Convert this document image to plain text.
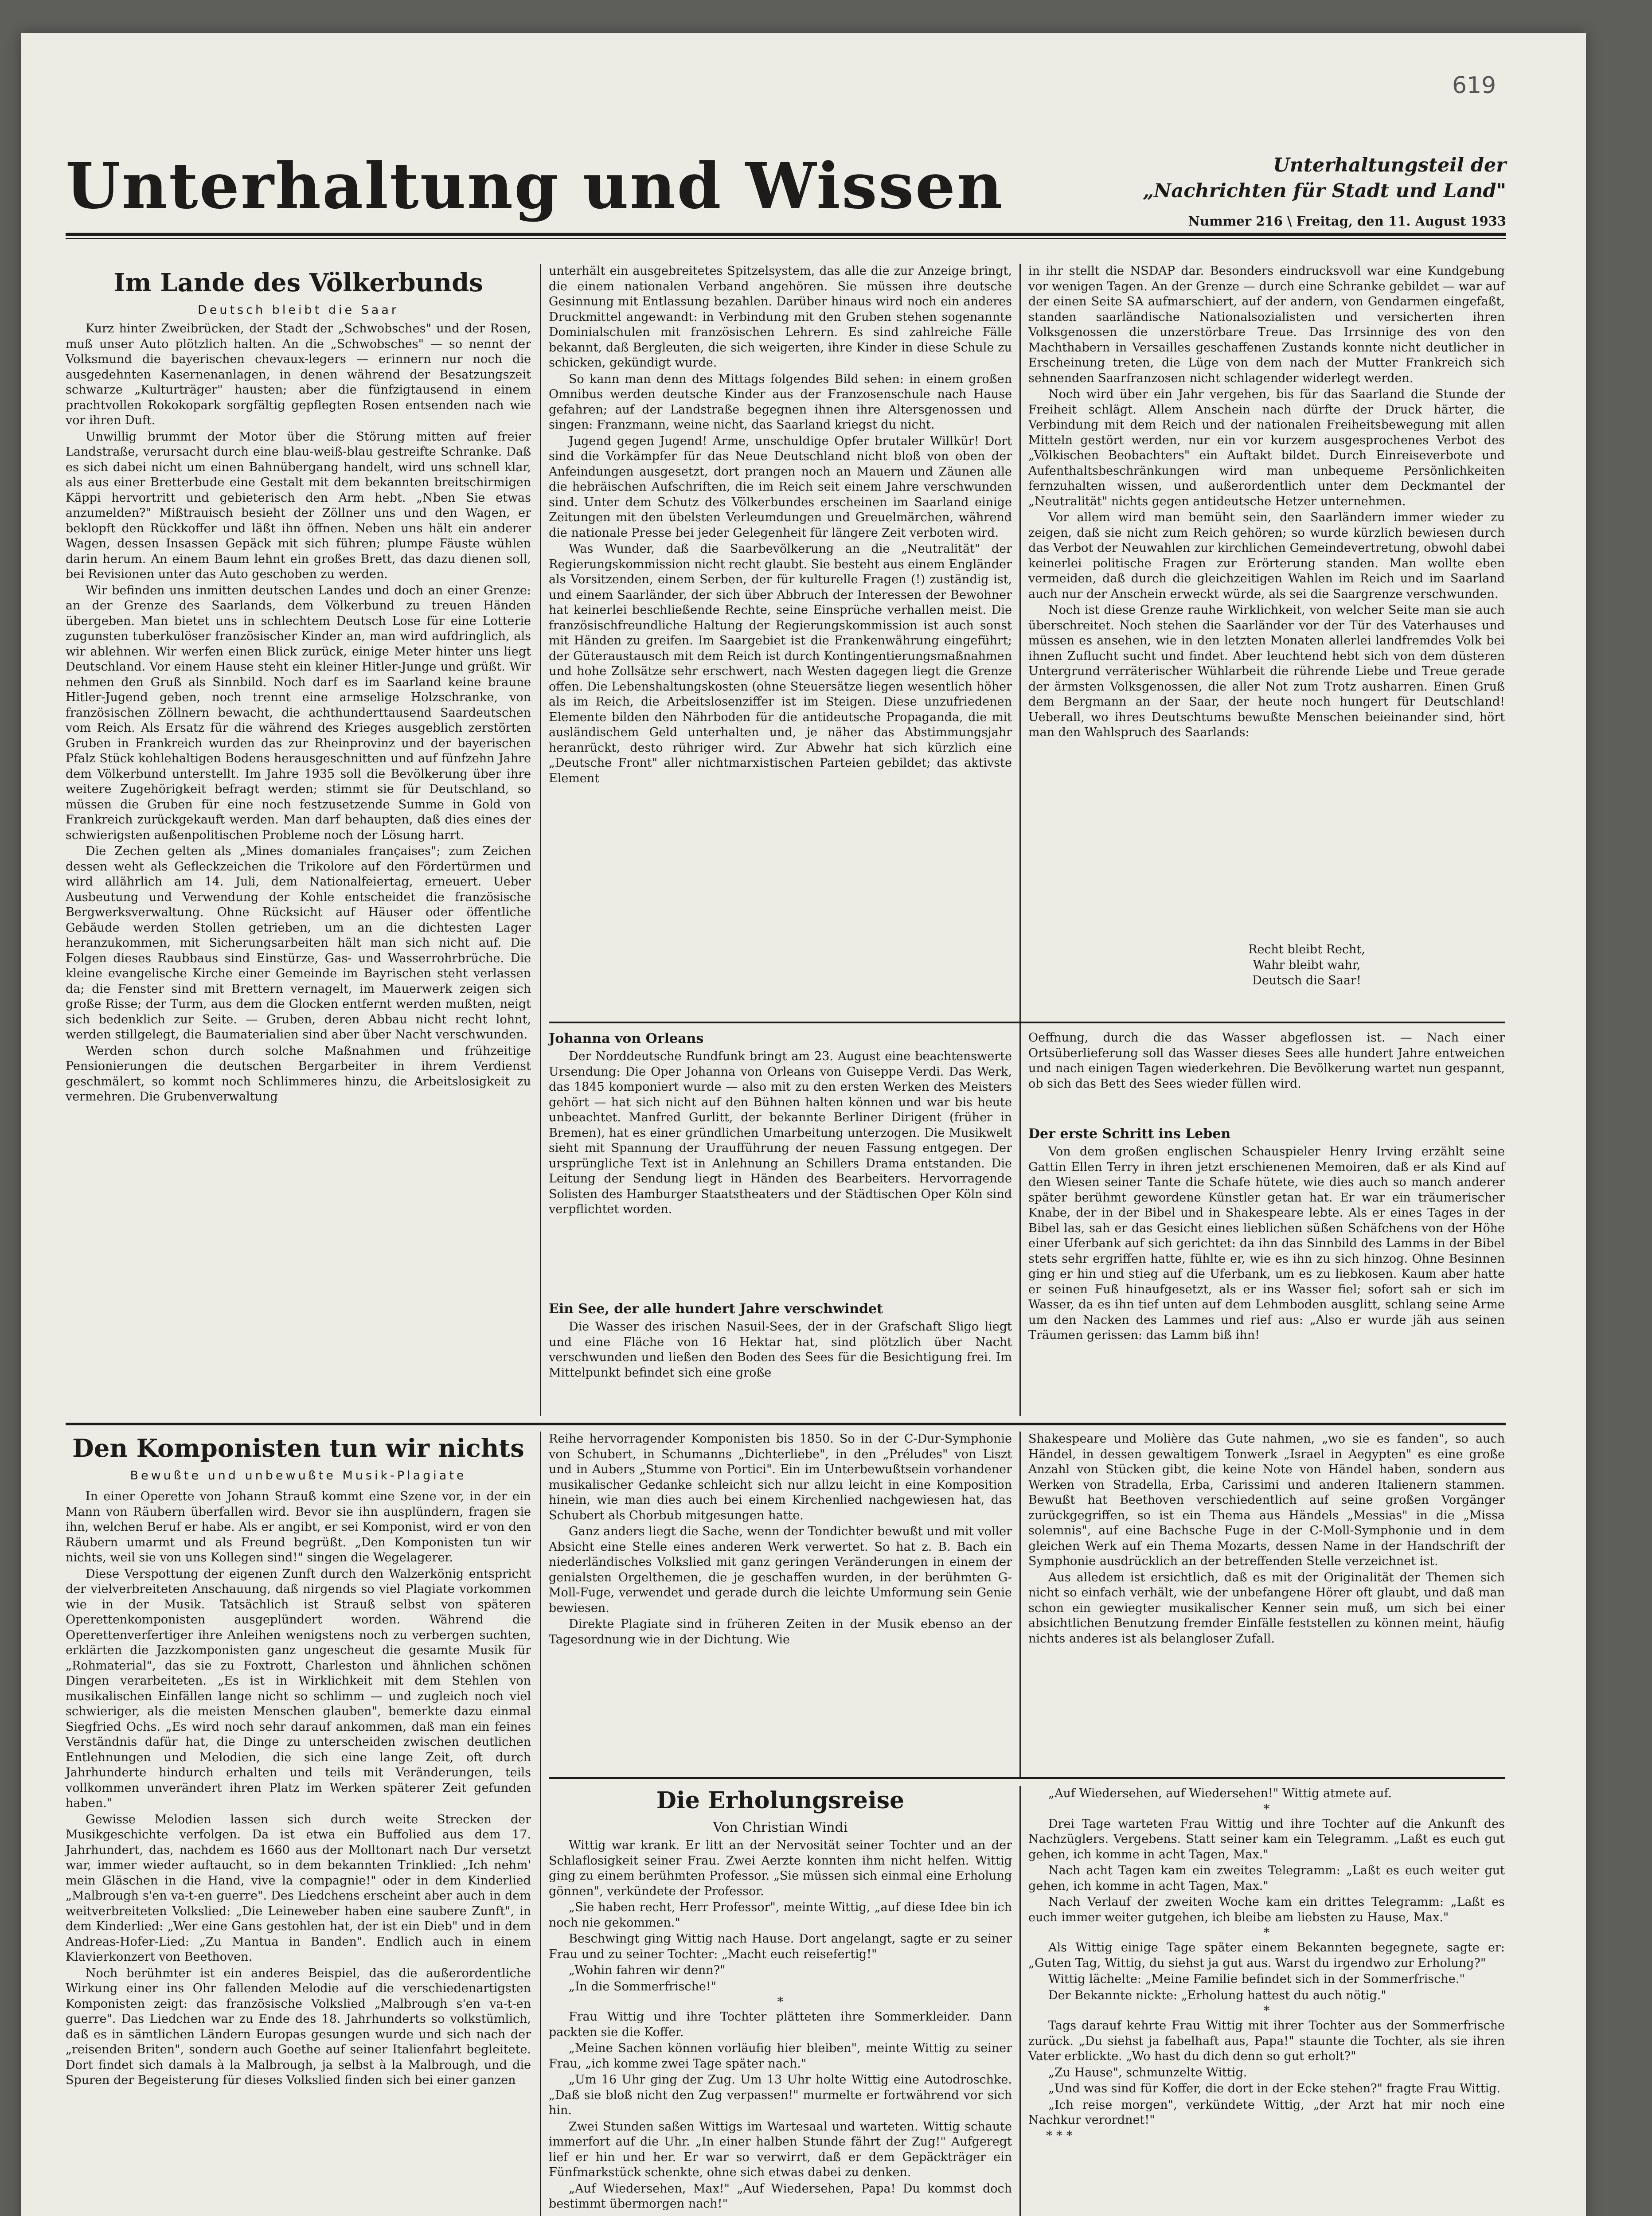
619
Unterhaltung und Wissen	Unterhaltungsteil der
„Nachrichten für Stadt und Land"
Nummer 216 \ Freitag, den 11. August 1933
Im Lande des Völkerbunds
Deutsch bleibt die Saar

Kurz hinter Zweibrücken, der Stadt der „Schwobsches" und der Rosen, muß unser Auto plötzlich halten. An die „Schwobsches" — so nennt der Volksmund die bayerischen chevaux-legers — erinnern nur noch die ausgedehnten Kasernenanlagen, in denen während der Besatzungszeit schwarze „Kulturträger" hausten; aber die fünfzigtausend in einem prachtvollen Rokokopark sorgfältig gepflegten Rosen entsenden nach wie vor ihren Duft.

Unwillig brummt der Motor über die Störung mitten auf freier Landstraße, verursacht durch eine blau-weiß-blau gestreifte Schranke. Daß es sich dabei nicht um einen Bahnübergang handelt, wird uns schnell klar, als aus einer Bretterbude eine Gestalt mit dem bekannten breitschirmigen Käppi hervortritt und gebieterisch den Arm hebt. „Nben Sie etwas anzumelden?" Mißtrauisch besieht der Zöllner uns und den Wagen, er beklopft den Rückkoffer und läßt ihn öffnen. Neben uns hält ein anderer Wagen, dessen Insassen Gepäck mit sich führen; plumpe Fäuste wühlen darin herum. An einem Baum lehnt ein großes Brett, das dazu dienen soll, bei Revisionen unter das Auto geschoben zu werden.

Wir befinden uns inmitten deutschen Landes und doch an einer Grenze: an der Grenze des Saarlands, dem Völkerbund zu treuen Händen übergeben. Man bietet uns in schlechtem Deutsch Lose für eine Lotterie zugunsten tuberkulöser französischer Kinder an, man wird aufdringlich, als wir ablehnen. Wir werfen einen Blick zurück, einige Meter hinter uns liegt Deutschland. Vor einem Hause steht ein kleiner Hitler-Junge und grüßt. Wir nehmen den Gruß als Sinnbild. Noch darf es im Saarland keine braune Hitler-Jugend geben, noch trennt eine armselige Holzschranke, von französischen Zöllnern bewacht, die achthunderttausend Saardeutschen vom Reich. Als Ersatz für die während des Krieges ausgeblich zerstörten Gruben in Frankreich wurden das zur Rheinprovinz und der bayerischen Pfalz Stück kohlehaltigen Bodens herausgeschnitten und auf fünfzehn Jahre dem Völkerbund unterstellt. Im Jahre 1935 soll die Bevölkerung über ihre weitere Zugehörigkeit befragt werden; stimmt sie für Deutschland, so müssen die Gruben für eine noch festzusetzende Summe in Gold von Frankreich zurückgekauft werden. Man darf behaupten, daß dies eines der schwierigsten außenpolitischen Probleme noch der Lösung harrt.

Die Zechen gelten als „Mines domaniales françaises"; zum Zeichen dessen weht als Gefleckzeichen die Trikolore auf den Fördertürmen und wird allährlich am 14. Juli, dem Nationalfeiertag, erneuert. Ueber Ausbeutung und Verwendung der Kohle entscheidet die französische Bergwerksverwaltung. Ohne Rücksicht auf Häuser oder öffentliche Gebäude werden Stollen getrieben, um an die dichtesten Lager heranzukommen, mit Sicherungsarbeiten hält man sich nicht auf. Die Folgen dieses Raubbaus sind Einstürze, Gas- und Wasserrohrbrüche. Die kleine evangelische Kirche einer Gemeinde im Bayrischen steht verlassen da; die Fenster sind mit Brettern vernagelt, im Mauerwerk zeigen sich große Risse; der Turm, aus dem die Glocken entfernt werden mußten, neigt sich bedenklich zur Seite. — Gruben, deren Abbau nicht recht lohnt, werden stillgelegt, die Baumaterialien sind aber über Nacht verschwunden.

Werden schon durch solche Maßnahmen und frühzeitige Pensionierungen die deutschen Bergarbeiter in ihrem Verdienst geschmälert, so kommt noch Schlimmeres hinzu, die Arbeitslosigkeit zu vermehren. Die Grubenverwaltung

unterhält ein ausgebreitetes Spitzelsystem, das alle die zur Anzeige bringt, die einem nationalen Verband angehören. Sie müssen ihre deutsche Gesinnung mit Entlassung bezahlen. Darüber hinaus wird noch ein anderes Druckmittel angewandt: in Verbindung mit den Gruben stehen sogenannte Dominialschulen mit französischen Lehrern. Es sind zahlreiche Fälle bekannt, daß Bergleuten, die sich weigerten, ihre Kinder in diese Schule zu schicken, gekündigt wurde.

So kann man denn des Mittags folgendes Bild sehen: in einem großen Omnibus werden deutsche Kinder aus der Franzosenschule nach Hause gefahren; auf der Landstraße begegnen ihnen ihre Altersgenossen und singen: Franzmann, weine nicht, das Saarland kriegst du nicht.

Jugend gegen Jugend! Arme, unschuldige Opfer brutaler Willkür! Dort sind die Vorkämpfer für das Neue Deutschland nicht bloß von oben der Anfeindungen ausgesetzt, dort prangen noch an Mauern und Zäunen alle die hebräischen Aufschriften, die im Reich seit einem Jahre verschwunden sind. Unter dem Schutz des Völkerbundes erscheinen im Saarland einige Zeitungen mit den übelsten Verleumdungen und Greuelmärchen, während die nationale Presse bei jeder Gelegenheit für längere Zeit verboten wird.

Was Wunder, daß die Saarbevölkerung an die „Neutralität" der Regierungskommission nicht recht glaubt. Sie besteht aus einem Engländer als Vorsitzenden, einem Serben, der für kulturelle Fragen (!) zuständig ist, und einem Saarländer, der sich über Abbruch der Interessen der Bewohner hat keinerlei beschließende Rechte, seine Einsprüche verhallen meist. Die französischfreundliche Haltung der Regierungskommission ist auch sonst mit Händen zu greifen. Im Saargebiet ist die Frankenwährung eingeführt; der Güteraustausch mit dem Reich ist durch Kontingentierungsmaßnahmen und hohe Zollsätze sehr erschwert, nach Westen dagegen liegt die Grenze offen. Die Lebenshaltungskosten (ohne Steuersätze liegen wesentlich höher als im Reich, die Arbeitslosenziffer ist im Steigen. Diese unzufriedenen Elemente bilden den Nährboden für die antideutsche Propaganda, die mit ausländischem Geld unterhalten und, je näher das Abstimmungsjahr heranrückt, desto rühriger wird. Zur Abwehr hat sich kürzlich eine „Deutsche Front" aller nichtmarxistischen Parteien gebildet; das aktivste Element

in ihr stellt die NSDAP dar. Besonders eindrucksvoll war eine Kundgebung vor wenigen Tagen. An der Grenze — durch eine Schranke gebildet — war auf der einen Seite SA aufmarschiert, auf der andern, von Gendarmen eingefaßt, standen saarländische Nationalsozialisten und versicherten ihren Volksgenossen die unzerstörbare Treue. Das Irrsinnige des von den Machthabern in Versailles geschaffenen Zustands konnte nicht deutlicher in Erscheinung treten, die Lüge von dem nach der Mutter Frankreich sich sehnenden Saarfranzosen nicht schlagender widerlegt werden.

Noch wird über ein Jahr vergehen, bis für das Saarland die Stunde der Freiheit schlägt. Allem Anschein nach dürfte der Druck härter, die Verbindung mit dem Reich und der nationalen Freiheitsbewegung mit allen Mitteln gestört werden, nur ein vor kurzem ausgesprochenes Verbot des „Völkischen Beobachters" ein Auftakt bildet. Durch Einreiseverbote und Aufenthaltsbeschränkungen wird man unbequeme Persönlichkeiten fernzuhalten wissen, und außerordentlich unter dem Deckmantel der „Neutralität" nichts gegen antideutsche Hetzer unternehmen.

Vor allem wird man bemüht sein, den Saarländern immer wieder zu zeigen, daß sie nicht zum Reich gehören; so wurde kürzlich bewiesen durch das Verbot der Neuwahlen zur kirchlichen Gemeindevertretung, obwohl dabei keinerlei politische Fragen zur Erörterung standen. Man wollte eben vermeiden, daß durch die gleichzeitigen Wahlen im Reich und im Saarland auch nur der Anschein erweckt würde, als sei die Saargrenze verschwunden.

Noch ist diese Grenze rauhe Wirklichkeit, von welcher Seite man sie auch überschreitet. Noch stehen die Saarländer vor der Tür des Vaterhauses und müssen es ansehen, wie in den letzten Monaten allerlei landfremdes Volk bei ihnen Zuflucht sucht und findet. Aber leuchtend hebt sich von dem düsteren Untergrund verräterischer Wühlarbeit die rührende Liebe und Treue gerade der ärmsten Volksgenossen, die aller Not zum Trotz ausharren. Einen Gruß dem Bergmann an der Saar, der heute noch hungert für Deutschland! Ueberall, wo ihres Deutschtums bewußte Menschen beieinander sind, hört man den Wahlspruch des Saarlands:

Recht bleibt Recht,
Wahr bleibt wahr,
Deutsch die Saar!
Johanna von Orleans

Der Norddeutsche Rundfunk bringt am 23. August eine beachtenswerte Ursendung: Die Oper Johanna von Orleans von Guiseppe Verdi. Das Werk, das 1845 komponiert wurde — also mit zu den ersten Werken des Meisters gehört — hat sich nicht auf den Bühnen halten können und war bis heute unbeachtet. Manfred Gurlitt, der bekannte Berliner Dirigent (früher in Bremen), hat es einer gründlichen Umarbeitung unterzogen. Die Musikwelt sieht mit Spannung der Uraufführung der neuen Fassung entgegen. Der ursprüngliche Text ist in Anlehnung an Schillers Drama entstanden. Die Leitung der Sendung liegt in Händen des Bearbeiters. Hervorragende Solisten des Hamburger Staatstheaters und der Städtischen Oper Köln sind verpflichtet worden.

Ein See, der alle hundert Jahre verschwindet

Die Wasser des irischen Nasuil-Sees, der in der Grafschaft Sligo liegt und eine Fläche von 16 Hektar hat, sind plötzlich über Nacht verschwunden und ließen den Boden des Sees für die Besichtigung frei. Im Mittelpunkt befindet sich eine große

Oeffnung, durch die das Wasser abgeflossen ist. — Nach einer Ortsüberlieferung soll das Wasser dieses Sees alle hundert Jahre entweichen und nach einigen Tagen wiederkehren. Die Bevölkerung wartet nun gespannt, ob sich das Bett des Sees wieder füllen wird.

Der erste Schritt ins Leben

Von dem großen englischen Schauspieler Henry Irving erzählt seine Gattin Ellen Terry in ihren jetzt erschienenen Memoiren, daß er als Kind auf den Wiesen seiner Tante die Schafe hütete, wie dies auch so manch anderer später berühmt gewordene Künstler getan hat. Er war ein träumerischer Knabe, der in der Bibel und in Shakespeare lebte. Als er eines Tages in der Bibel las, sah er das Gesicht eines lieblichen süßen Schäfchens von der Höhe einer Uferbank auf sich gerichtet: da ihn das Sinnbild des Lamms in der Bibel stets sehr ergriffen hatte, fühlte er, wie es ihn zu sich hinzog. Ohne Besinnen ging er hin und stieg auf die Uferbank, um es zu liebkosen. Kaum aber hatte er seinen Fuß hinaufgesetzt, als er ins Wasser fiel; sofort sah er sich im Wasser, da es ihn tief unten auf dem Lehmboden ausglitt, schlang seine Arme um den Nacken des Lammes und rief aus: „Also er wurde jäh aus seinen Träumen gerissen: das Lamm biß ihn!

Den Komponisten tun wir nichts
Bewußte und unbewußte Musik-Plagiate

In einer Operette von Johann Strauß kommt eine Szene vor, in der ein Mann von Räubern überfallen wird. Bevor sie ihn ausplündern, fragen sie ihn, welchen Beruf er habe. Als er angibt, er sei Komponist, wird er von den Räubern umarmt und als Freund begrüßt. „Den Komponisten tun wir nichts, weil sie von uns Kollegen sind!" singen die Wegelagerer.

Diese Verspottung der eigenen Zunft durch den Walzerkönig entspricht der vielverbreiteten Anschauung, daß nirgends so viel Plagiate vorkommen wie in der Musik. Tatsächlich ist Strauß selbst von späteren Operettenkomponisten ausgeplündert worden. Während die Operettenverfertiger ihre Anleihen wenigstens noch zu verbergen suchten, erklärten die Jazzkomponisten ganz ungescheut die gesamte Musik für „Rohmaterial", das sie zu Foxtrott, Charleston und ähnlichen schönen Dingen verarbeiteten. „Es ist in Wirklichkeit mit dem Stehlen von musikalischen Einfällen lange nicht so schlimm — und zugleich noch viel schwieriger, als die meisten Menschen glauben", bemerkte dazu einmal Siegfried Ochs. „Es wird noch sehr darauf ankommen, daß man ein feines Verständnis dafür hat, die Dinge zu unterscheiden zwischen deutlichen Entlehnungen und Melodien, die sich eine lange Zeit, oft durch Jahrhunderte hindurch erhalten und teils mit Veränderungen, teils vollkommen unverändert ihren Platz im Werken späterer Zeit gefunden haben."

Gewisse Melodien lassen sich durch weite Strecken der Musikgeschichte verfolgen. Da ist etwa ein Buffolied aus dem 17. Jahrhundert, das, nachdem es 1660 aus der Molltonart nach Dur versetzt war, immer wieder auftaucht, so in dem bekannten Trinklied: „Ich nehm' mein Gläschen in die Hand, vive la compagnie!" oder in dem Kinderlied „Malbrough s'en va-t-en guerre". Des Liedchens erscheint aber auch in dem weitverbreiteten Volkslied: „Die Leineweber haben eine saubere Zunft", in dem Kinderlied: „Wer eine Gans gestohlen hat, der ist ein Dieb" und in dem Andreas-Hofer-Lied: „Zu Mantua in Banden". Endlich auch in einem Klavierkonzert von Beethoven.

Noch berühmter ist ein anderes Beispiel, das die außerordentliche Wirkung einer ins Ohr fallenden Melodie auf die verschiedenartigsten Komponisten zeigt: das französische Volkslied „Malbrough s'en va-t-en guerre". Das Liedchen war zu Ende des 18. Jahrhunderts so volkstümlich, daß es in sämtlichen Ländern Europas gesungen wurde und sich nach der „reisenden Briten", sondern auch Goethe auf seiner Italienfahrt begleitete. Dort findet sich damals à la Malbrough, ja selbst à la Malbrough, und die Spuren der Begeisterung für dieses Volkslied finden sich bei einer ganzen

Reihe hervorragender Komponisten bis 1850. So in der C-Dur-Symphonie von Schubert, in Schumanns „Dichterliebe", in den „Préludes" von Liszt und in Aubers „Stumme von Portici". Ein im Unterbewußtsein vorhandener musikalischer Gedanke schleicht sich nur allzu leicht in eine Komposition hinein, wie man dies auch bei einem Kirchenlied nachgewiesen hat, das Schubert als Chorbub mitgesungen hatte.

Ganz anders liegt die Sache, wenn der Tondichter bewußt und mit voller Absicht eine Stelle eines anderen Werk verwertet. So hat z. B. Bach ein niederländisches Volkslied mit ganz geringen Veränderungen in einem der genialsten Orgelthemen, die je geschaffen wurden, in der berühmten G-Moll-Fuge, verwendet und gerade durch die leichte Umformung sein Genie bewiesen.

Direkte Plagiate sind in früheren Zeiten in der Musik ebenso an der Tagesordnung wie in der Dichtung. Wie

Shakespeare und Molière das Gute nahmen, „wo sie es fanden", so auch Händel, in dessen gewaltigem Tonwerk „Israel in Aegypten" es eine große Anzahl von Stücken gibt, die keine Note von Händel haben, sondern aus Werken von Stradella, Erba, Carissimi und anderen Italienern stammen. Bewußt hat Beethoven verschiedentlich auf seine großen Vorgänger zurückgegriffen, so ist ein Thema aus Händels „Messias" in die „Missa solemnis", auf eine Bachsche Fuge in der C-Moll-Symphonie und in dem gleichen Werk auf ein Thema Mozarts, dessen Name in der Handschrift der Symphonie ausdrücklich an der betreffenden Stelle verzeichnet ist.

Aus alledem ist ersichtlich, daß es mit der Originalität der Themen sich nicht so einfach verhält, wie der unbefangene Hörer oft glaubt, und daß man schon ein gewiegter musikalischer Kenner sein muß, um sich bei einer absichtlichen Benutzung fremder Einfälle feststellen zu können meint, häufig nichts anderes ist als belangloser Zufall.

Die Erholungsreise
Von Christian Windi

Wittig war krank. Er litt an der Nervosität seiner Tochter und an der Schlaflosigkeit seiner Frau. Zwei Aerzte konnten ihm nicht helfen. Wittig ging zu einem berühmten Professor. „Sie müssen sich einmal eine Erholung gönnen", verkündete der Professor.

„Sie haben recht, Herr Professor", meinte Wittig, „auf diese Idee bin ich noch nie gekommen."

Beschwingt ging Wittig nach Hause. Dort angelangt, sagte er zu seiner Frau und zu seiner Tochter: „Macht euch reisefertig!"

„Wohin fahren wir denn?"

„In die Sommerfrische!"

*

Frau Wittig und ihre Tochter plätteten ihre Sommerkleider. Dann packten sie die Koffer.

„Meine Sachen können vorläufig hier bleiben", meinte Wittig zu seiner Frau, „ich komme zwei Tage später nach."

„Um 16 Uhr ging der Zug. Um 13 Uhr holte Wittig eine Autodroschke. „Daß sie bloß nicht den Zug verpassen!" murmelte er fortwährend vor sich hin.

Zwei Stunden saßen Wittigs im Wartesaal und warteten. Wittig schaute immerfort auf die Uhr. „In einer halben Stunde fährt der Zug!" Aufgeregt lief er hin und her. Er war so verwirrt, daß er dem Gepäckträger ein Fünfmarkstück schenkte, ohne sich etwas dabei zu denken.

„Auf Wiedersehen, Max!" „Auf Wiedersehen, Papa! Du kommst doch bestimmt übermorgen nach!"

„Auf Wiedersehen, auf Wiedersehen!" Wittig atmete auf.

*

Drei Tage warteten Frau Wittig und ihre Tochter auf die Ankunft des Nachzüglers. Vergebens. Statt seiner kam ein Telegramm. „Laßt es euch gut gehen, ich komme in acht Tagen, Max."

Nach acht Tagen kam ein zweites Telegramm: „Laßt es euch weiter gut gehen, ich komme in acht Tagen, Max."

Nach Verlauf der zweiten Woche kam ein drittes Telegramm: „Laßt es euch immer weiter gutgehen, ich bleibe am liebsten zu Hause, Max."

*

Als Wittig einige Tage später einem Bekannten begegnete, sagte er: „Guten Tag, Wittig, du siehst ja gut aus. Warst du irgendwo zur Erholung?"

Wittig lächelte: „Meine Familie befindet sich in der Sommerfrische."

Der Bekannte nickte: „Erholung hattest du auch nötig."

*

Tags darauf kehrte Frau Wittig mit ihrer Tochter aus der Sommerfrische zurück. „Du siehst ja fabelhaft aus, Papa!" staunte die Tochter, als sie ihren Vater erblickte. „Wo hast du dich denn so gut erholt?"

„Zu Hause", schmunzelte Wittig.

„Und was sind für Koffer, die dort in der Ecke stehen?" fragte Frau Wittig.

„Ich reise morgen", verkündete Wittig, „der Arzt hat mir noch eine Nachkur verordnet!"

* * *
